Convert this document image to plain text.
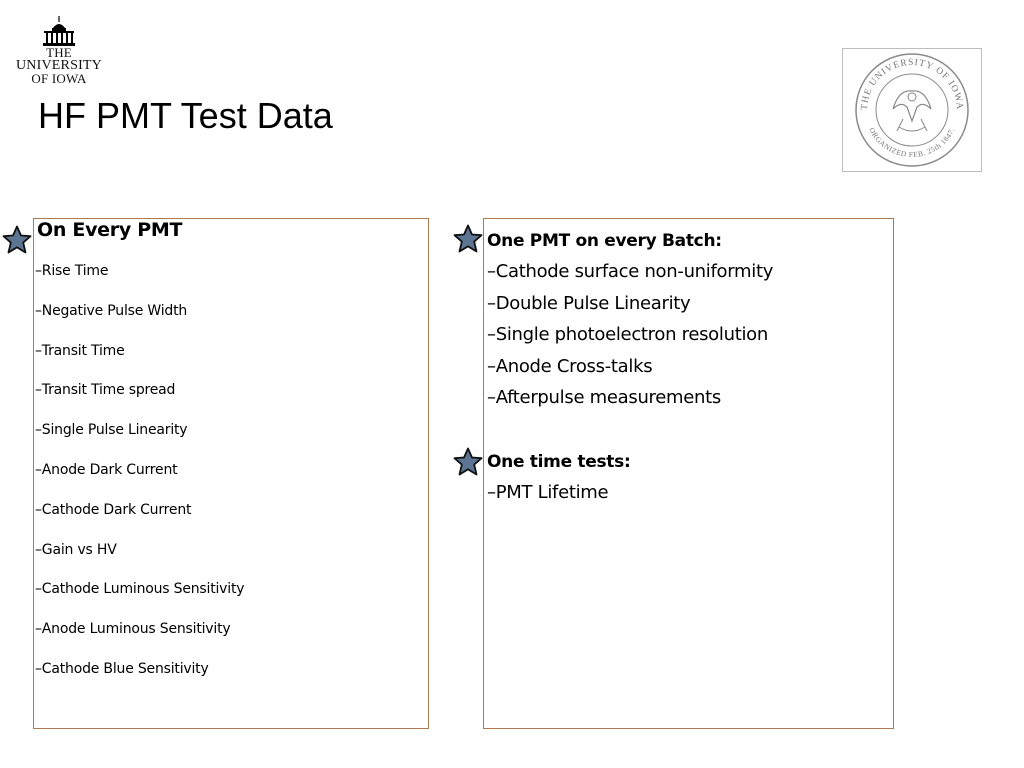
THE
UNIVERSITY
OF IOWA
HF PMT Test Data	THE UNIVERSITY OF IOWA
ORGANIZED FEB. 25th 1847.
On Every PMT
–Rise Time
–Negative Pulse Width
–Transit Time
–Transit Time spread
–Single Pulse Linearity
–Anode Dark Current
–Cathode Dark Current
–Gain vs HV
–Cathode Luminous Sensitivity
–Anode Luminous Sensitivity
–Cathode Blue Sensitivity
One PMT on every Batch:
–Cathode surface non-uniformity
–Double Pulse Linearity
–Single photoelectron resolution
–Anode Cross-talks
–Afterpulse measurements
One time tests:
–PMT Lifetime
